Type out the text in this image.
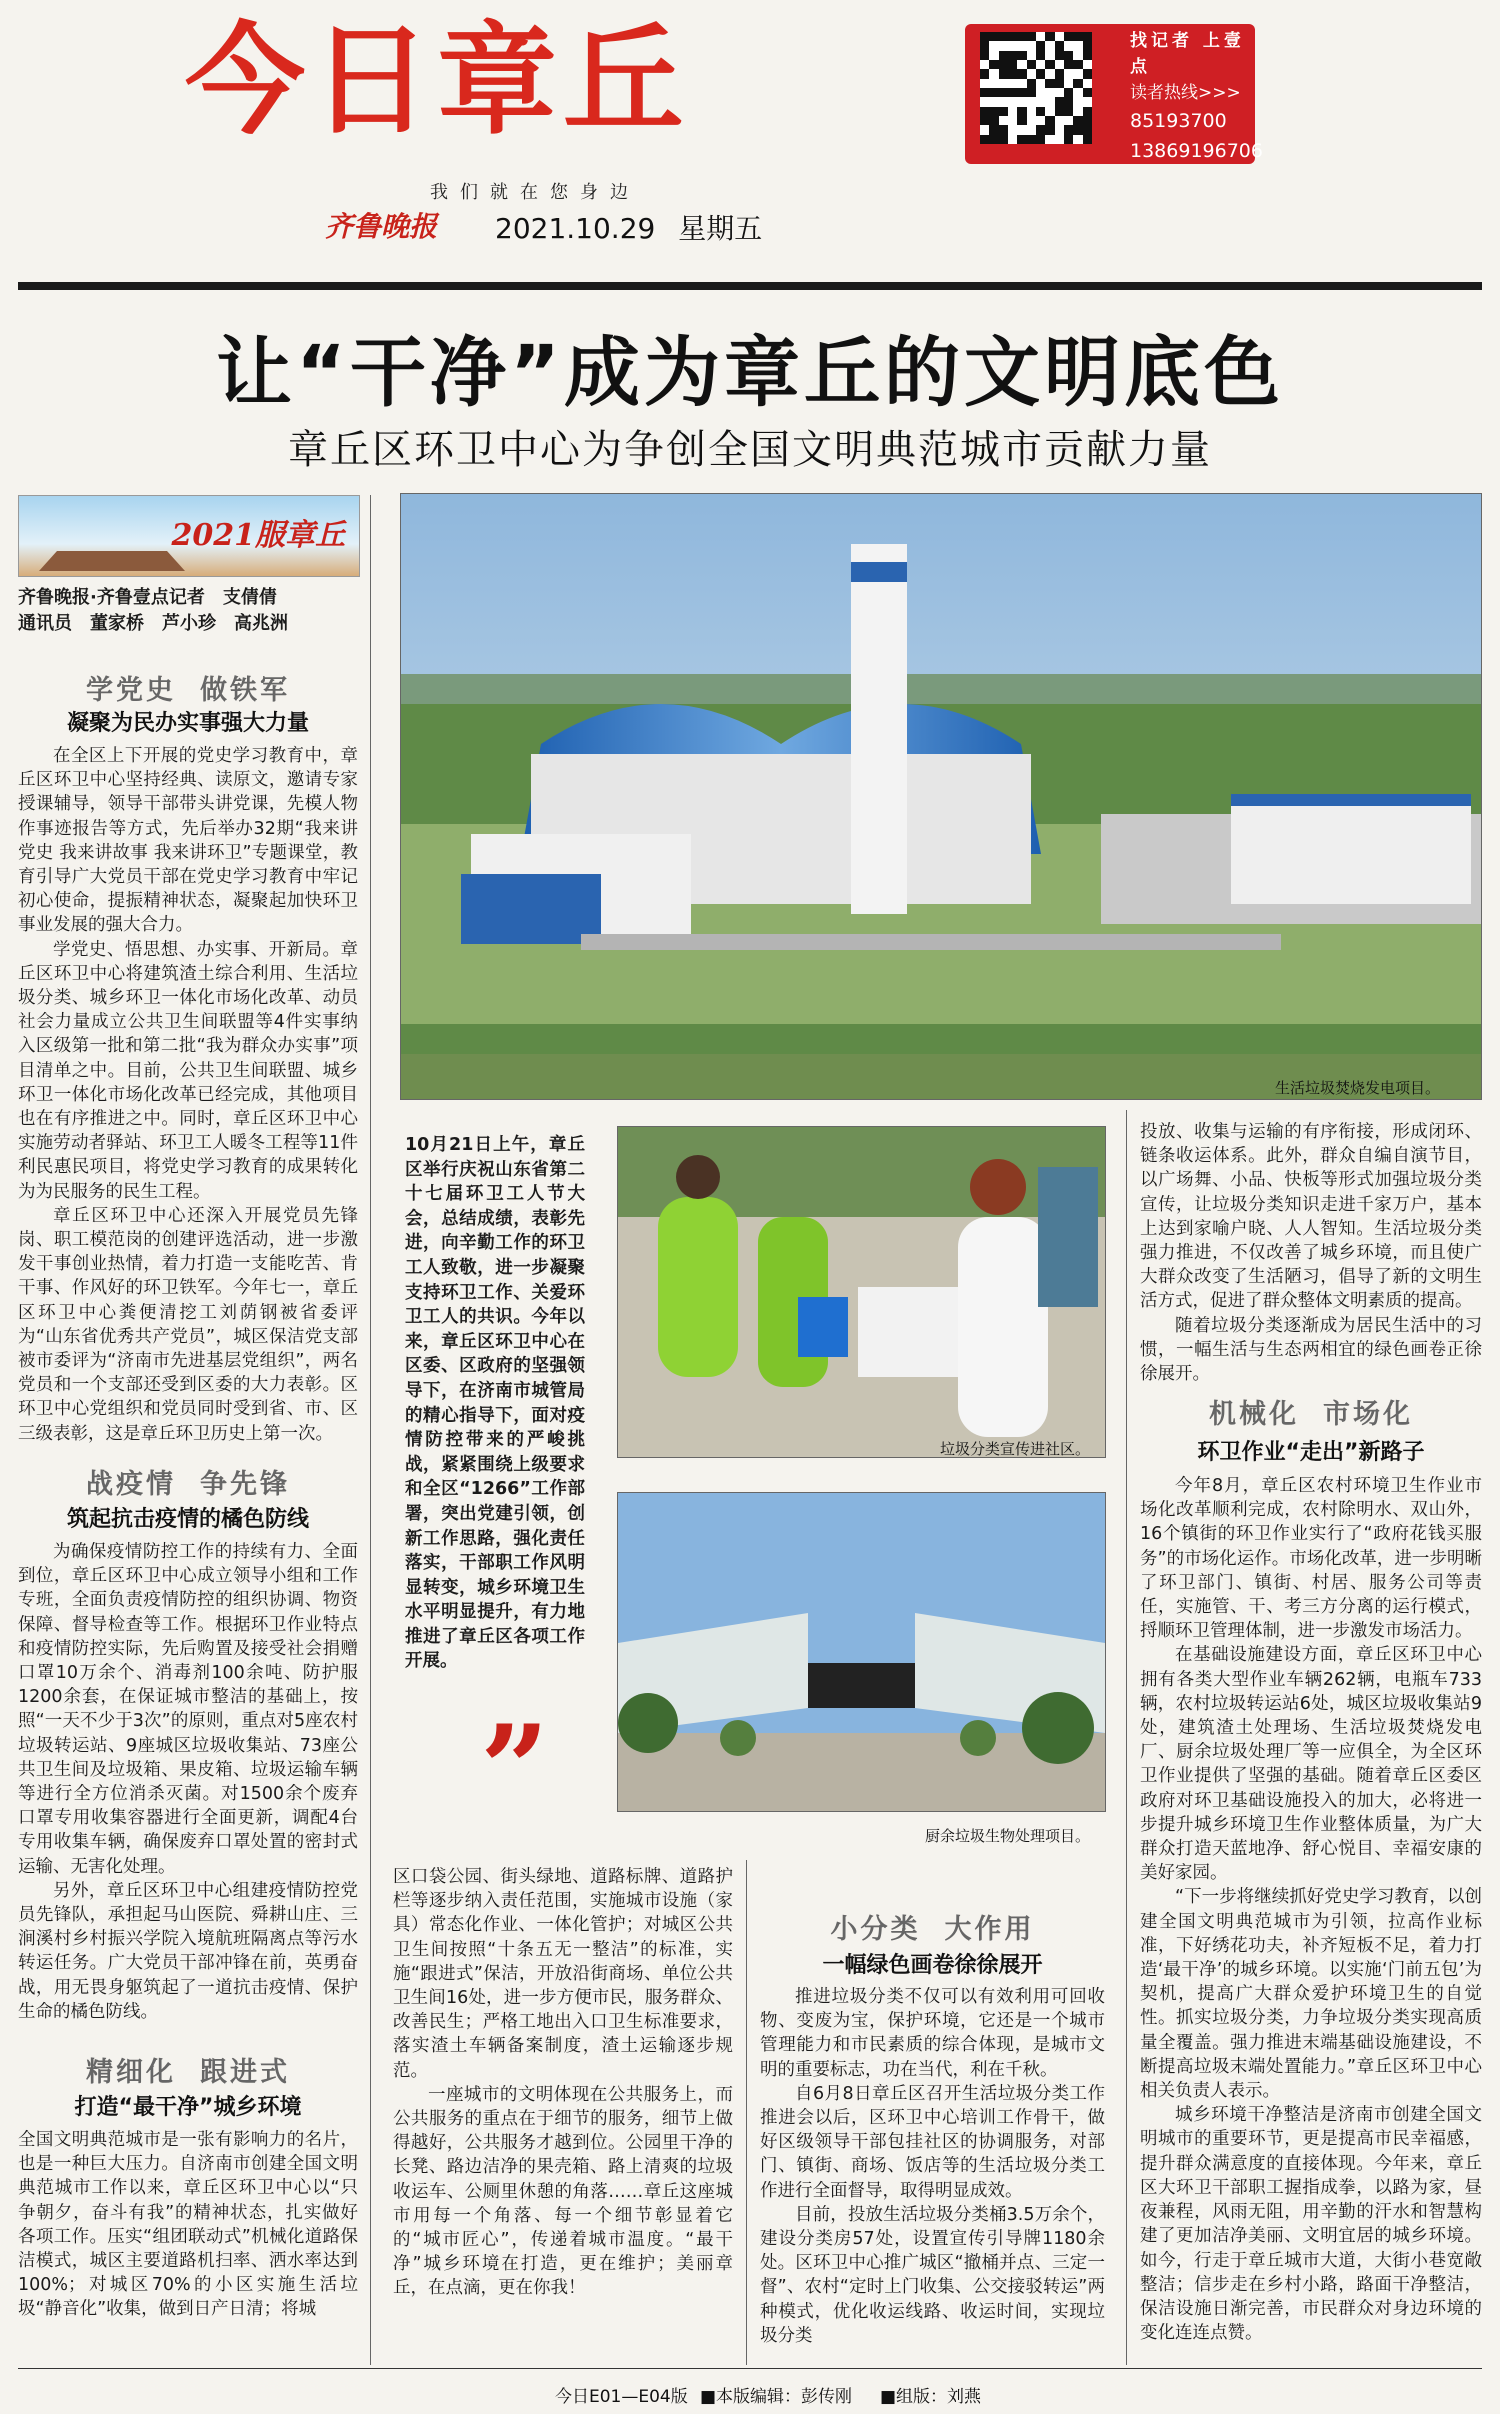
今日章丘
我们就在您身边
齐鲁晚报 2021.10.29 星期五
找记者 上壹点
读者热线>>>
85193700
13869196706
让“干净”成为章丘的文明底色
章丘区环卫中心为争创全国文明典范城市贡献力量
2021服章丘
齐鲁晚报·齐鲁壹点记者　支倩倩
通讯员　董家桥　芦小珍　高兆洲
学党史 做铁军
凝聚为民办实事强大力量

在全区上下开展的党史学习教育中，章丘区环卫中心坚持经典、读原文，邀请专家授课辅导，领导干部带头讲党课，先模人物作事迹报告等方式，先后举办32期“我来讲党史 我来讲故事 我来讲环卫”专题课堂，教育引导广大党员干部在党史学习教育中牢记初心使命，提振精神状态，凝聚起加快环卫事业发展的强大合力。

学党史、悟思想、办实事、开新局。章丘区环卫中心将建筑渣土综合利用、生活垃圾分类、城乡环卫一体化市场化改革、动员社会力量成立公共卫生间联盟等4件实事纳入区级第一批和第二批“我为群众办实事”项目清单之中。目前，公共卫生间联盟、城乡环卫一体化市场化改革已经完成，其他项目也在有序推进之中。同时，章丘区环卫中心实施劳动者驿站、环卫工人暖冬工程等11件利民惠民项目，将党史学习教育的成果转化为为民服务的民生工程。

章丘区环卫中心还深入开展党员先锋岗、职工模范岗的创建评选活动，进一步激发干事创业热情，着力打造一支能吃苦、肯干事、作风好的环卫铁军。今年七一，章丘区环卫中心粪便清挖工刘荫钢被省委评为“山东省优秀共产党员”，城区保洁党支部被市委评为“济南市先进基层党组织”，两名党员和一个支部还受到区委的大力表彰。区环卫中心党组织和党员同时受到省、市、区三级表彰，这是章丘环卫历史上第一次。

战疫情 争先锋
筑起抗击疫情的橘色防线

为确保疫情防控工作的持续有力、全面到位，章丘区环卫中心成立领导小组和工作专班，全面负责疫情防控的组织协调、物资保障、督导检查等工作。根据环卫作业特点和疫情防控实际，先后购置及接受社会捐赠口罩10万余个、消毒剂100余吨、防护服1200余套，在保证城市整洁的基础上，按照“一天不少于3次”的原则，重点对5座农村垃圾转运站、9座城区垃圾收集站、73座公共卫生间及垃圾箱、果皮箱、垃圾运输车辆等进行全方位消杀灭菌。对1500余个废弃口罩专用收集容器进行全面更新，调配4台专用收集车辆，确保废弃口罩处置的密封式运输、无害化处理。

另外，章丘区环卫中心组建疫情防控党员先锋队，承担起马山医院、舜耕山庄、三涧溪村乡村振兴学院入境航班隔离点等污水转运任务。广大党员干部冲锋在前，英勇奋战，用无畏身躯筑起了一道抗击疫情、保护生命的橘色防线。

精细化 跟进式
打造“最干净”城乡环境
全国文明典范城市是一张有影响力的名片，也是一种巨大压力。自济南市创建全国文明典范城市工作以来，章丘区环卫中心以“只争朝夕，奋斗有我”的精神状态，扎实做好各项工作。压实“组团联动式”机械化道路保洁模式，城区主要道路机扫率、洒水率达到100%；对城区70%的小区实施生活垃圾“静音化”收集，做到日产日清；将城
生活垃圾焚烧发电项目。
10月21日上午，章丘区举行庆祝山东省第二十七届环卫工人节大会，总结成绩，表彰先进，向辛勤工作的环卫工人致敬，进一步凝聚支持环卫工作、关爱环卫工人的共识。今年以来，章丘区环卫中心在区委、区政府的坚强领导下，在济南市城管局的精心指导下，面对疫情防控带来的严峻挑战，紧紧围绕上级要求和全区“1266”工作部署，突出党建引领，创新工作思路，强化责任落实，干部职工作风明显转变，城乡环境卫生水平明显提升，有力地推进了章丘区各项工作开展。
”
垃圾分类宣传进社区。
厨余垃圾生物处理项目。

区口袋公园、街头绿地、道路标牌、道路护栏等逐步纳入责任范围，实施城市设施（家具）常态化作业、一体化管护；对城区公共卫生间按照“十条五无一整洁”的标准，实施“跟进式”保洁，开放沿街商场、单位公共卫生间16处，进一步方便市民，服务群众、改善民生；严格工地出入口卫生标准要求，落实渣土车辆备案制度，渣土运输逐步规范。

一座城市的文明体现在公共服务上，而公共服务的重点在于细节的服务，细节上做得越好，公共服务才越到位。公园里干净的长凳、路边洁净的果壳箱、路上清爽的垃圾收运车、公厕里休憩的角落……章丘这座城市用每一个角落、每一个细节彰显着它的“城市匠心”，传递着城市温度。“最干净”城乡环境在打造，更在维护；美丽章丘，在点滴，更在你我！

小分类 大作用
一幅绿色画卷徐徐展开

推进垃圾分类不仅可以有效利用可回收物、变废为宝，保护环境，它还是一个城市管理能力和市民素质的综合体现，是城市文明的重要标志，功在当代，利在千秋。

自6月8日章丘区召开生活垃圾分类工作推进会以后，区环卫中心培训工作骨干，做好区级领导干部包挂社区的协调服务，对部门、镇街、商场、饭店等的生活垃圾分类工作进行全面督导，取得明显成效。

目前，投放生活垃圾分类桶3.5万余个，建设分类房57处，设置宣传引导牌1180余处。区环卫中心推广城区“撤桶并点、三定一督”、农村“定时上门收集、公交接驳转运”两种模式，优化收运线路、收运时间，实现垃圾分类

投放、收集与运输的有序衔接，形成闭环、链条收运体系。此外，群众自编自演节目，以广场舞、小品、快板等形式加强垃圾分类宣传，让垃圾分类知识走进千家万户，基本上达到家喻户晓、人人智知。生活垃圾分类强力推进，不仅改善了城乡环境，而且使广大群众改变了生活陋习，倡导了新的文明生活方式，促进了群众整体文明素质的提高。

随着垃圾分类逐渐成为居民生活中的习惯，一幅生活与生态两相宜的绿色画卷正徐徐展开。

机械化 市场化
环卫作业“走出”新路子

今年8月，章丘区农村环境卫生作业市场化改革顺利完成，农村除明水、双山外，16个镇街的环卫作业实行了“政府花钱买服务”的市场化运作。市场化改革，进一步明晰了环卫部门、镇街、村居、服务公司等责任，实施管、干、考三方分离的运行模式，捋顺环卫管理体制，进一步激发市场活力。

在基础设施建设方面，章丘区环卫中心拥有各类大型作业车辆262辆，电瓶车733辆，农村垃圾转运站6处，城区垃圾收集站9处，建筑渣土处理场、生活垃圾焚烧发电厂、厨余垃圾处理厂等一应俱全，为全区环卫作业提供了坚强的基础。随着章丘区委区政府对环卫基础设施投入的加大，必将进一步提升城乡环境卫生作业整体质量，为广大群众打造天蓝地净、舒心悦目、幸福安康的美好家园。

“下一步将继续抓好党史学习教育，以创建全国文明典范城市为引领，拉高作业标准，下好绣花功夫，补齐短板不足，着力打造‘最干净’的城乡环境。以实施‘门前五包’为契机，提高广大群众爱护环境卫生的自觉性。抓实垃圾分类，力争垃圾分类实现高质量全覆盖。强力推进末端基础设施建设，不断提高垃圾末端处置能力。”章丘区环卫中心相关负责人表示。

城乡环境干净整洁是济南市创建全国文明城市的重要环节，更是提高市民幸福感，提升群众满意度的直接体现。今年来，章丘区大环卫干部职工握指成拳，以路为家，昼夜兼程，风雨无阻，用辛勤的汗水和智慧构建了更加洁净美丽、文明宜居的城乡环境。如今，行走于章丘城市大道，大街小巷宽敞整洁；信步走在乡村小路，路面干净整洁，保洁设施日渐完善，市民群众对身边环境的变化连连点赞。

今日E01—E04版 ■本版编辑：彭传刚 ■组版：刘燕
